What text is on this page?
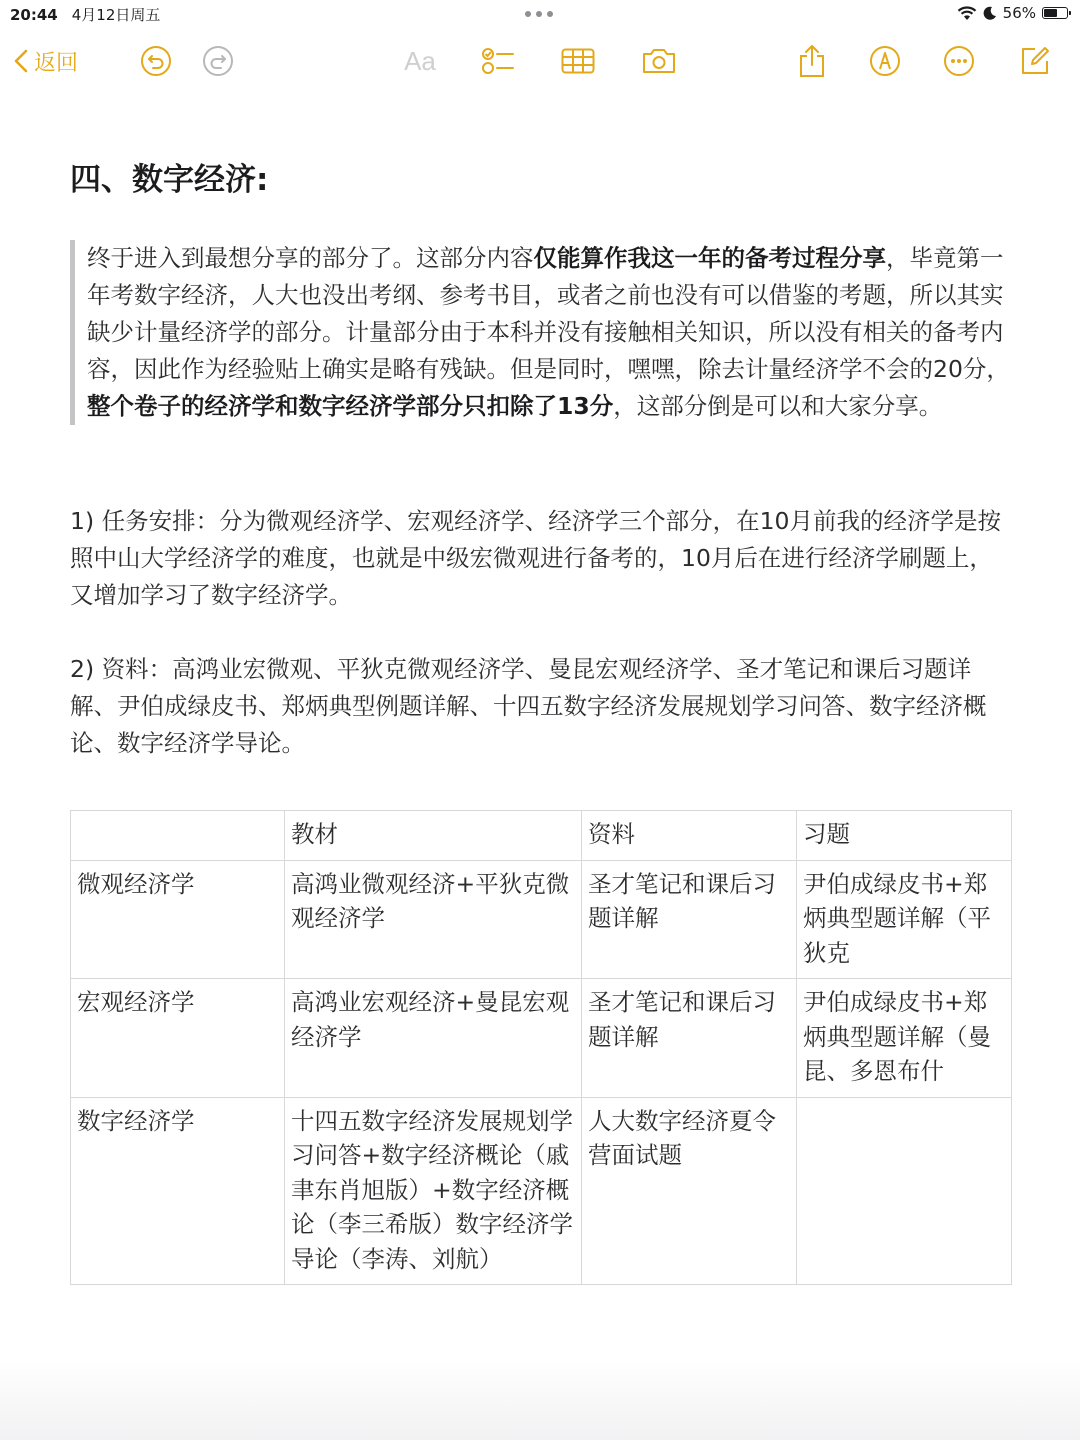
20:44 4月12日周五	56%
返回	Aa
四、数字经济:
终于进入到最想分享的部分了。这部分内容仅能算作我这一年的备考过程分享，毕竟第一年考数字经济，人大也没出考纲、参考书目，或者之前也没有可以借鉴的考题，所以其实缺少计量经济学的部分。计量部分由于本科并没有接触相关知识，所以没有相关的备考内容，因此作为经验贴上确实是略有残缺。但是同时，嘿嘿，除去计量经济学不会的20分，整个卷子的经济学和数字经济学部分只扣除了13分，这部分倒是可以和大家分享。
1) 任务安排：分为微观经济学、宏观经济学、经济学三个部分，在10月前我的经济学是按照中山大学经济学的难度，也就是中级宏微观进行备考的，10月后在进行经济学刷题上，又增加学习了数字经济学。
2) 资料：高鸿业宏微观、平狄克微观经济学、曼昆宏观经济学、圣才笔记和课后习题详解、尹伯成绿皮书、郑炳典型例题详解、十四五数字经济发展规划学习问答、数字经济概论、数字经济学导论。
	教材	资料	习题
微观经济学	高鸿业微观经济+平狄克微观经济学	圣才笔记和课后习题详解	尹伯成绿皮书+郑炳典型题详解（平狄克
宏观经济学	高鸿业宏观经济+曼昆宏观经济学	圣才笔记和课后习题详解	尹伯成绿皮书+郑炳典型题详解（曼昆、多恩布什
数字经济学	十四五数字经济发展规划学习问答+数字经济概论（戚聿东肖旭版）+数字经济概论（李三希版）数字经济学导论（李涛、刘航）	人大数字经济夏令营面试题	
